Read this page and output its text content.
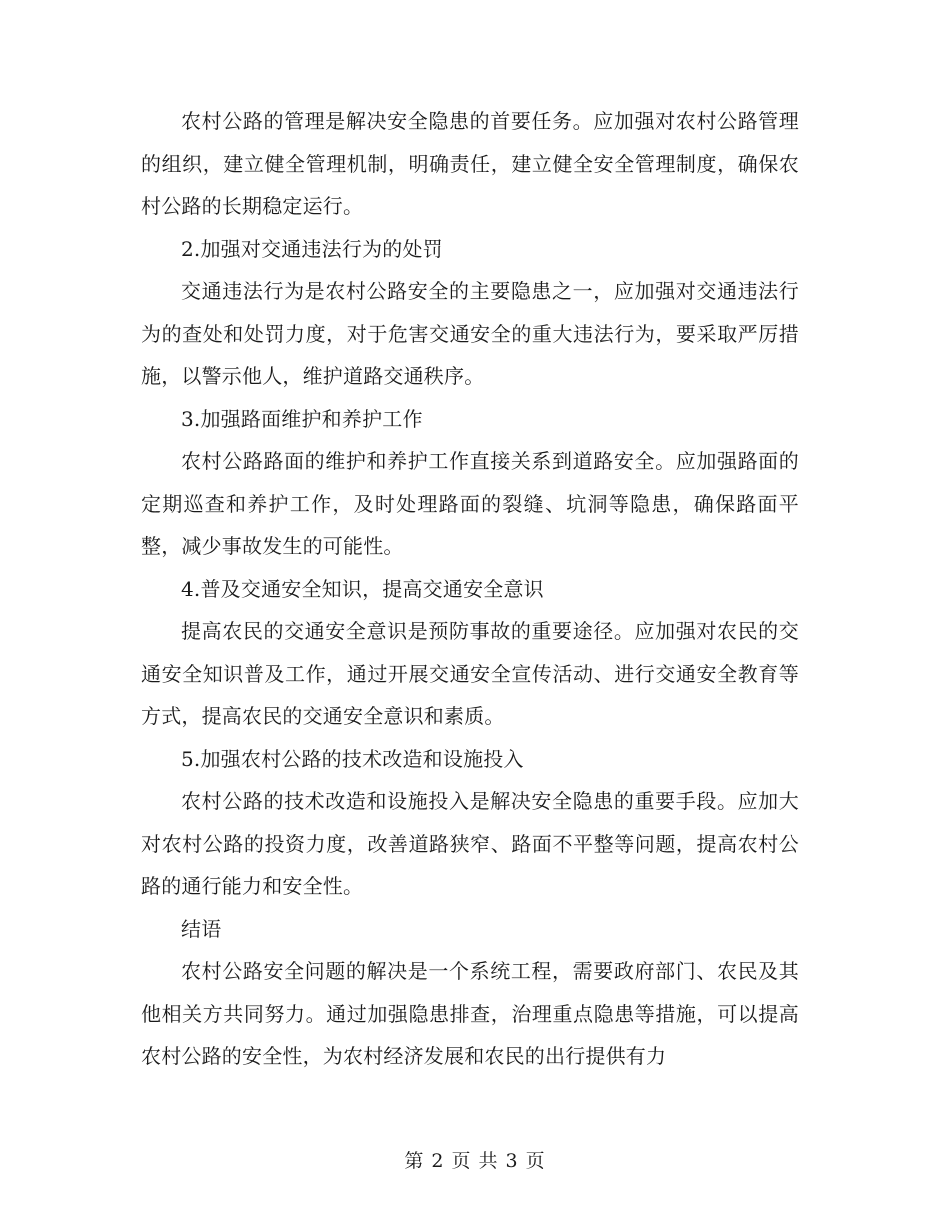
农村公路的管理是解决安全隐患的首要任务。应加强对农村公路管理的组织，建立健全管理机制，明确责任，建立健全安全管理制度，确保农村公路的长期稳定运行。

2.加强对交通违法行为的处罚

交通违法行为是农村公路安全的主要隐患之一，应加强对交通违法行为的查处和处罚力度，对于危害交通安全的重大违法行为，要采取严厉措施，以警示他人，维护道路交通秩序。

3.加强路面维护和养护工作

农村公路路面的维护和养护工作直接关系到道路安全。应加强路面的定期巡查和养护工作，及时处理路面的裂缝、坑洞等隐患，确保路面平整，减少事故发生的可能性。

4.普及交通安全知识，提高交通安全意识

提高农民的交通安全意识是预防事故的重要途径。应加强对农民的交通安全知识普及工作，通过开展交通安全宣传活动、进行交通安全教育等方式，提高农民的交通安全意识和素质。

5.加强农村公路的技术改造和设施投入

农村公路的技术改造和设施投入是解决安全隐患的重要手段。应加大对农村公路的投资力度，改善道路狭窄、路面不平整等问题，提高农村公路的通行能力和安全性。

结语

农村公路安全问题的解决是一个系统工程，需要政府部门、农民及其他相关方共同努力。通过加强隐患排查，治理重点隐患等措施，可以提高农村公路的安全性，为农村经济发展和农民的出行提供有力

第 2 页 共 3 页
